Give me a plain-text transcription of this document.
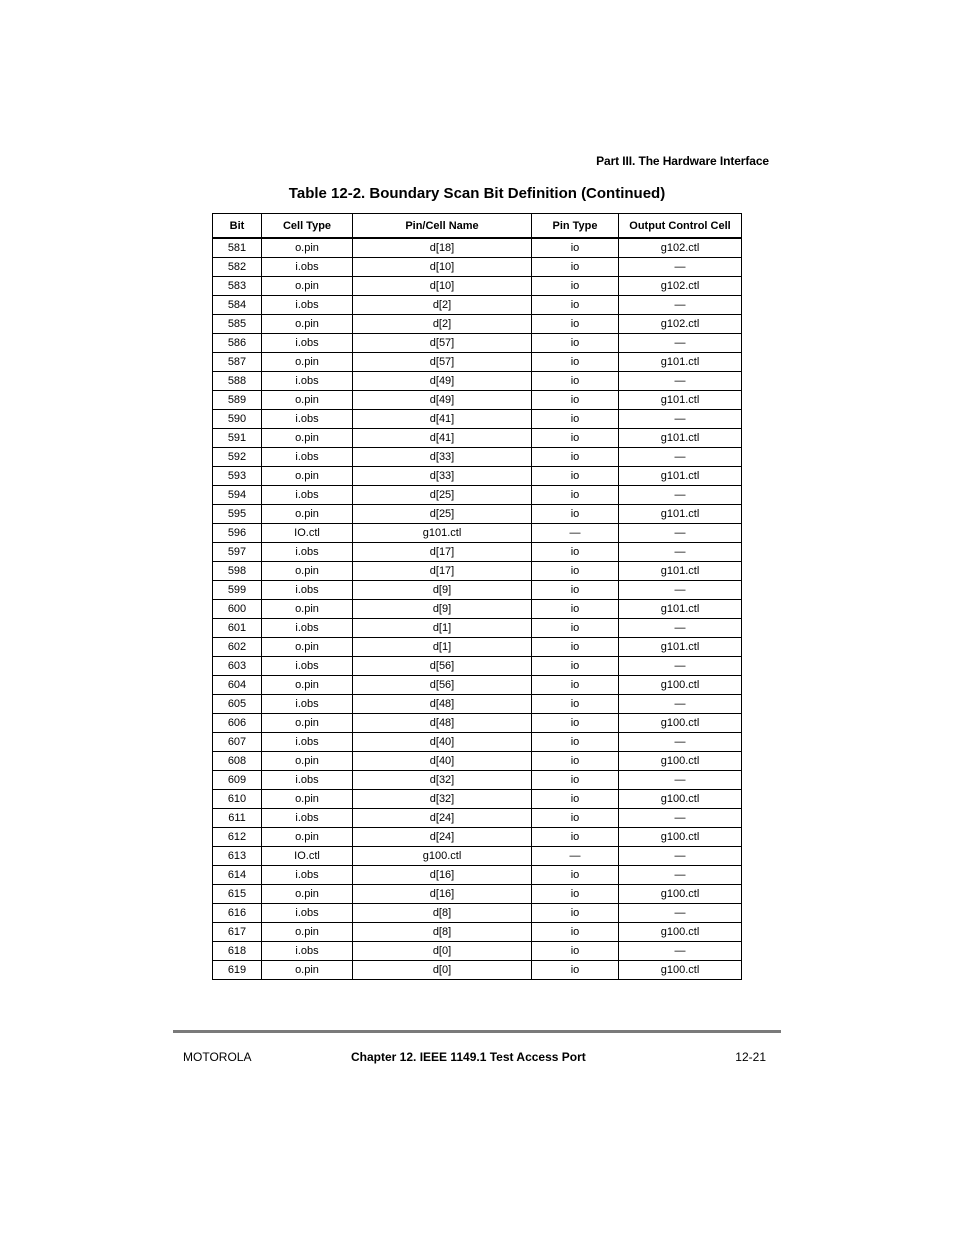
Part III. The Hardware Interface
Table 12-2. Boundary Scan Bit Definition (Continued)
Bit	Cell Type	Pin/Cell Name	Pin Type	Output Control Cell
581	o.pin	d[18]	io	g102.ctl
582	i.obs	d[10]	io	—
583	o.pin	d[10]	io	g102.ctl
584	i.obs	d[2]	io	—
585	o.pin	d[2]	io	g102.ctl
586	i.obs	d[57]	io	—
587	o.pin	d[57]	io	g101.ctl
588	i.obs	d[49]	io	—
589	o.pin	d[49]	io	g101.ctl
590	i.obs	d[41]	io	—
591	o.pin	d[41]	io	g101.ctl
592	i.obs	d[33]	io	—
593	o.pin	d[33]	io	g101.ctl
594	i.obs	d[25]	io	—
595	o.pin	d[25]	io	g101.ctl
596	IO.ctl	g101.ctl	—	—
597	i.obs	d[17]	io	—
598	o.pin	d[17]	io	g101.ctl
599	i.obs	d[9]	io	—
600	o.pin	d[9]	io	g101.ctl
601	i.obs	d[1]	io	—
602	o.pin	d[1]	io	g101.ctl
603	i.obs	d[56]	io	—
604	o.pin	d[56]	io	g100.ctl
605	i.obs	d[48]	io	—
606	o.pin	d[48]	io	g100.ctl
607	i.obs	d[40]	io	—
608	o.pin	d[40]	io	g100.ctl
609	i.obs	d[32]	io	—
610	o.pin	d[32]	io	g100.ctl
611	i.obs	d[24]	io	—
612	o.pin	d[24]	io	g100.ctl
613	IO.ctl	g100.ctl	—	—
614	i.obs	d[16]	io	—
615	o.pin	d[16]	io	g100.ctl
616	i.obs	d[8]	io	—
617	o.pin	d[8]	io	g100.ctl
618	i.obs	d[0]	io	—
619	o.pin	d[0]	io	g100.ctl
MOTOROLA	Chapter 12. IEEE 1149.1 Test Access Port	12-21
